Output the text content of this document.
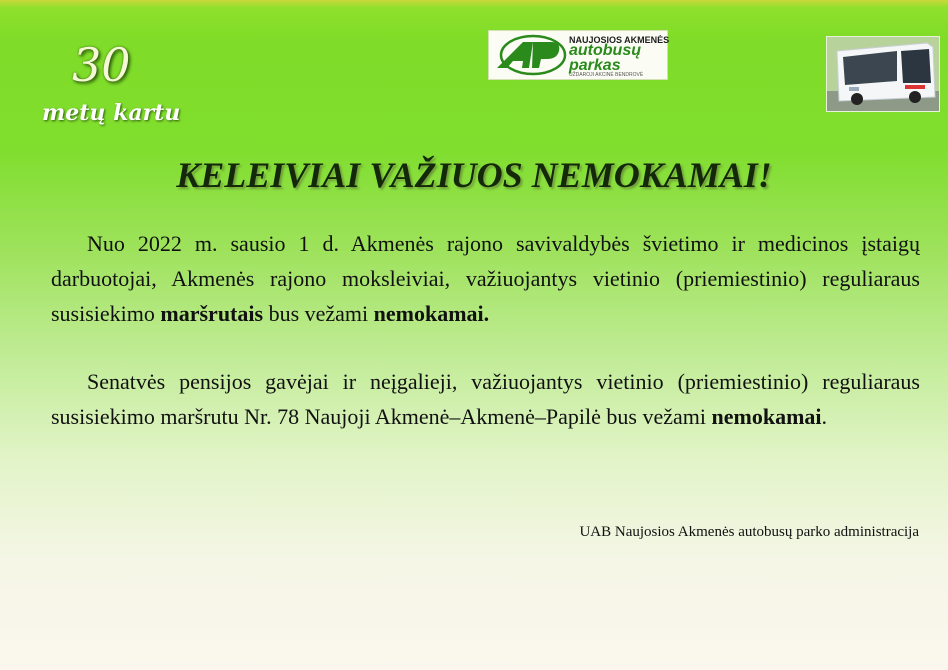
30
metų kartu
NAUJOSIOS AKMENĖS
autobusų
parkas
UŽDAROJI AKCINĖ BENDROVĖ
KELEIVIAI VAŽIUOS NEMOKAMAI!

Nuo 2022 m. sausio 1 d. Akmenės rajono savivaldybės švietimo ir medicinos įstaigų darbuotojai, Akmenės rajono moksleiviai, važiuojantys vietinio (priemiestinio) reguliaraus susisiekimo maršrutais bus vežami nemokamai.

Senatvės pensijos gavėjai ir neįgalieji, važiuojantys vietinio (priemiestinio) reguliaraus susisiekimo maršrutu Nr. 78 Naujoji Akmenė–Akmenė–Papilė bus vežami nemokamai.

UAB Naujosios Akmenės autobusų parko administracija
